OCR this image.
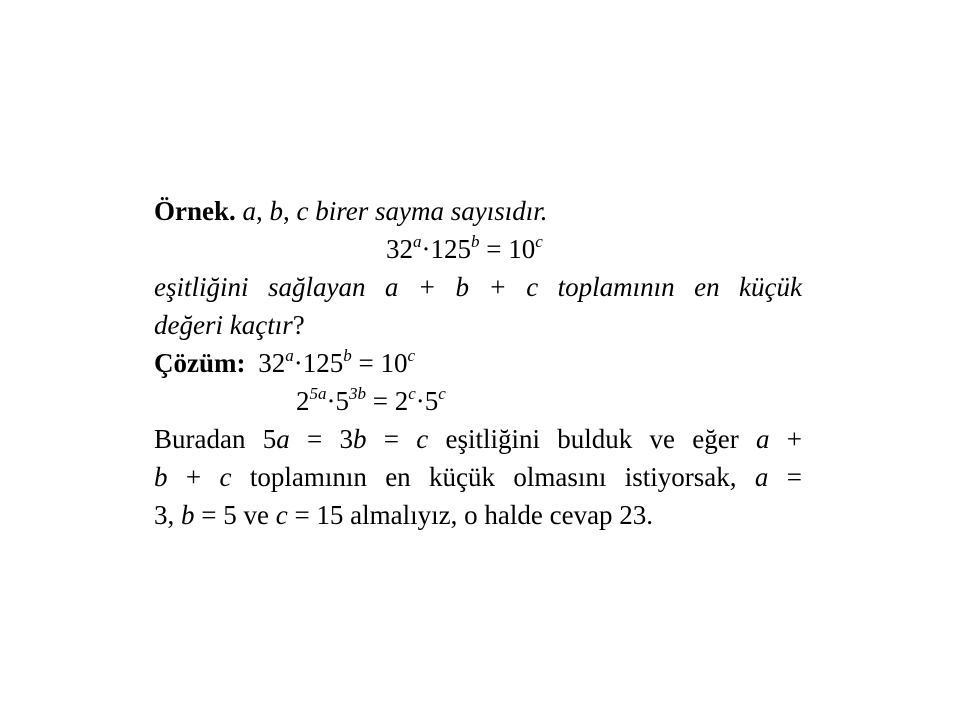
Örnek. a, b, c birer sayma sayısıdır.
$32^a\cdot 125^b = 10^c$
eşitliğini sağlayan a + b + c toplamının en küçük
değeri kaçtır?
Çözüm: $32^a\cdot 125^b = 10^c$
$2^{5a}\cdot 5^{3b} = 2^c\cdot 5^c$
Buradan 5a = 3b = c eşitliğini bulduk ve eğer a +
b + c toplamının en küçük olmasını istiyorsak, a =
3, b = 5 ve c = 15 almalıyız, o halde cevap 23.
